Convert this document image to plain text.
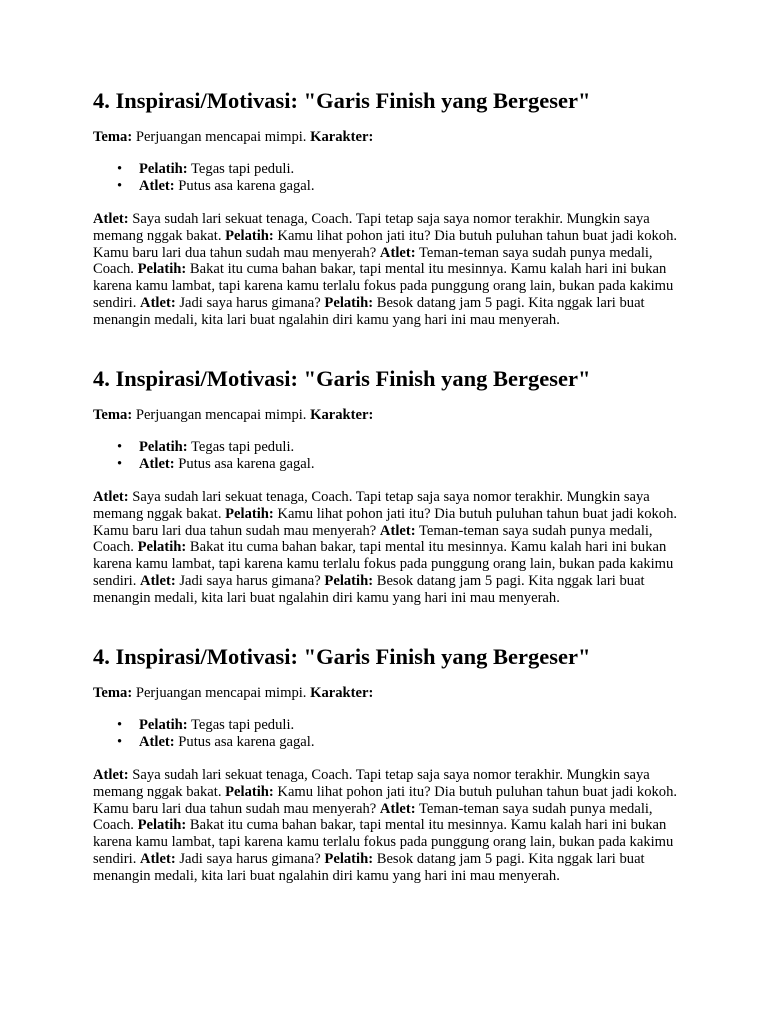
4. Inspirasi/Motivasi: "Garis Finish yang Bergeser"

Tema: Perjuangan mencapai mimpi. Karakter:

• Pelatih: Tegas tapi peduli.
• Atlet: Putus asa karena gagal.

Atlet: Saya sudah lari sekuat tenaga, Coach. Tapi tetap saja saya nomor terakhir. Mungkin saya memang nggak bakat. Pelatih: Kamu lihat pohon jati itu? Dia butuh puluhan tahun buat jadi kokoh. Kamu baru lari dua tahun sudah mau menyerah? Atlet: Teman-teman saya sudah punya medali, Coach. Pelatih: Bakat itu cuma bahan bakar, tapi mental itu mesinnya. Kamu kalah hari ini bukan karena kamu lambat, tapi karena kamu terlalu fokus pada punggung orang lain, bukan pada kakimu sendiri. Atlet: Jadi saya harus gimana? Pelatih: Besok datang jam 5 pagi. Kita nggak lari buat menangin medali, kita lari buat ngalahin diri kamu yang hari ini mau menyerah.

4. Inspirasi/Motivasi: "Garis Finish yang Bergeser"

Tema: Perjuangan mencapai mimpi. Karakter:

• Pelatih: Tegas tapi peduli.
• Atlet: Putus asa karena gagal.

Atlet: Saya sudah lari sekuat tenaga, Coach. Tapi tetap saja saya nomor terakhir. Mungkin saya memang nggak bakat. Pelatih: Kamu lihat pohon jati itu? Dia butuh puluhan tahun buat jadi kokoh. Kamu baru lari dua tahun sudah mau menyerah? Atlet: Teman-teman saya sudah punya medali, Coach. Pelatih: Bakat itu cuma bahan bakar, tapi mental itu mesinnya. Kamu kalah hari ini bukan karena kamu lambat, tapi karena kamu terlalu fokus pada punggung orang lain, bukan pada kakimu sendiri. Atlet: Jadi saya harus gimana? Pelatih: Besok datang jam 5 pagi. Kita nggak lari buat menangin medali, kita lari buat ngalahin diri kamu yang hari ini mau menyerah.

4. Inspirasi/Motivasi: "Garis Finish yang Bergeser"

Tema: Perjuangan mencapai mimpi. Karakter:

• Pelatih: Tegas tapi peduli.
• Atlet: Putus asa karena gagal.

Atlet: Saya sudah lari sekuat tenaga, Coach. Tapi tetap saja saya nomor terakhir. Mungkin saya memang nggak bakat. Pelatih: Kamu lihat pohon jati itu? Dia butuh puluhan tahun buat jadi kokoh. Kamu baru lari dua tahun sudah mau menyerah? Atlet: Teman-teman saya sudah punya medali, Coach. Pelatih: Bakat itu cuma bahan bakar, tapi mental itu mesinnya. Kamu kalah hari ini bukan karena kamu lambat, tapi karena kamu terlalu fokus pada punggung orang lain, bukan pada kakimu sendiri. Atlet: Jadi saya harus gimana? Pelatih: Besok datang jam 5 pagi. Kita nggak lari buat menangin medali, kita lari buat ngalahin diri kamu yang hari ini mau menyerah.
